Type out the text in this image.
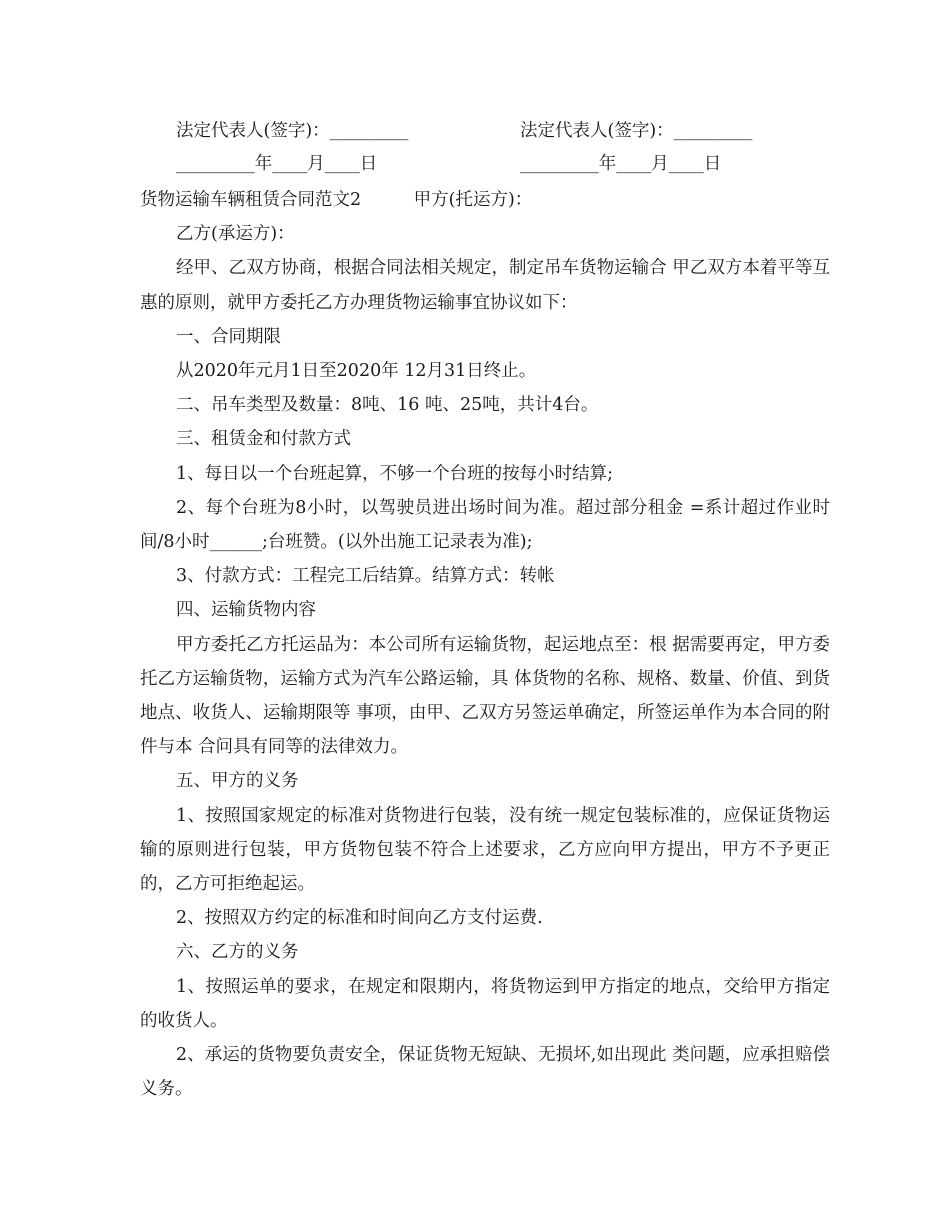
法定代表人(签字)：_________	法定代表人(签字)：_________
_________年____月____日	_________年____月____日

货物运输车辆租赁合同范文2　　　甲方(托运方)：

乙方(承运方)：

经甲、乙双方协商，根据合同法相关规定，制定吊车货物运输合 甲乙双方本着平等互惠的原则，就甲方委托乙方办理货物运输事宜协议如下：

一、合同期限

从2020年元月1日至2020年 12月31日终止。

二、吊车类型及数量：8吨、16 吨、25吨，共计4台。

三、租赁金和付款方式

1、每日以一个台班起算，不够一个台班的按每小时结算;

2、每个台班为8小时，以驾驶员进出场时间为准。超过部分租金 =系计超过作业时间/8小时______;台班赞。(以外出施工记录表为准);

3、付款方式：工程完工后结算。结算方式：转帐

四、运输货物内容

甲方委托乙方托运品为：本公司所有运输货物，起运地点至：根 据需要再定，甲方委托乙方运输货物，运输方式为汽车公路运输，具 体货物的名称、规格、数量、价值、到货地点、收货人、运输期限等 事项，由甲、乙双方另签运单确定，所签运单作为本合同的附件与本 合问具有同等的法律效力。

五、甲方的义务

1、按照国家规定的标准对货物进行包装，没有统一规定包装标准的，应保证货物运输的原则进行包装，甲方货物包装不符合上述要求，乙方应向甲方提出，甲方不予更正的，乙方可拒绝起运。

2、按照双方约定的标准和时间向乙方支付运费.

六、乙方的义务

1、按照运单的要求，在规定和限期内，将货物运到甲方指定的地点，交给甲方指定的收货人。

2、承运的货物要负责安全，保证货物无短缺、无损坏,如出现此 类问题，应承担赔偿义务。
